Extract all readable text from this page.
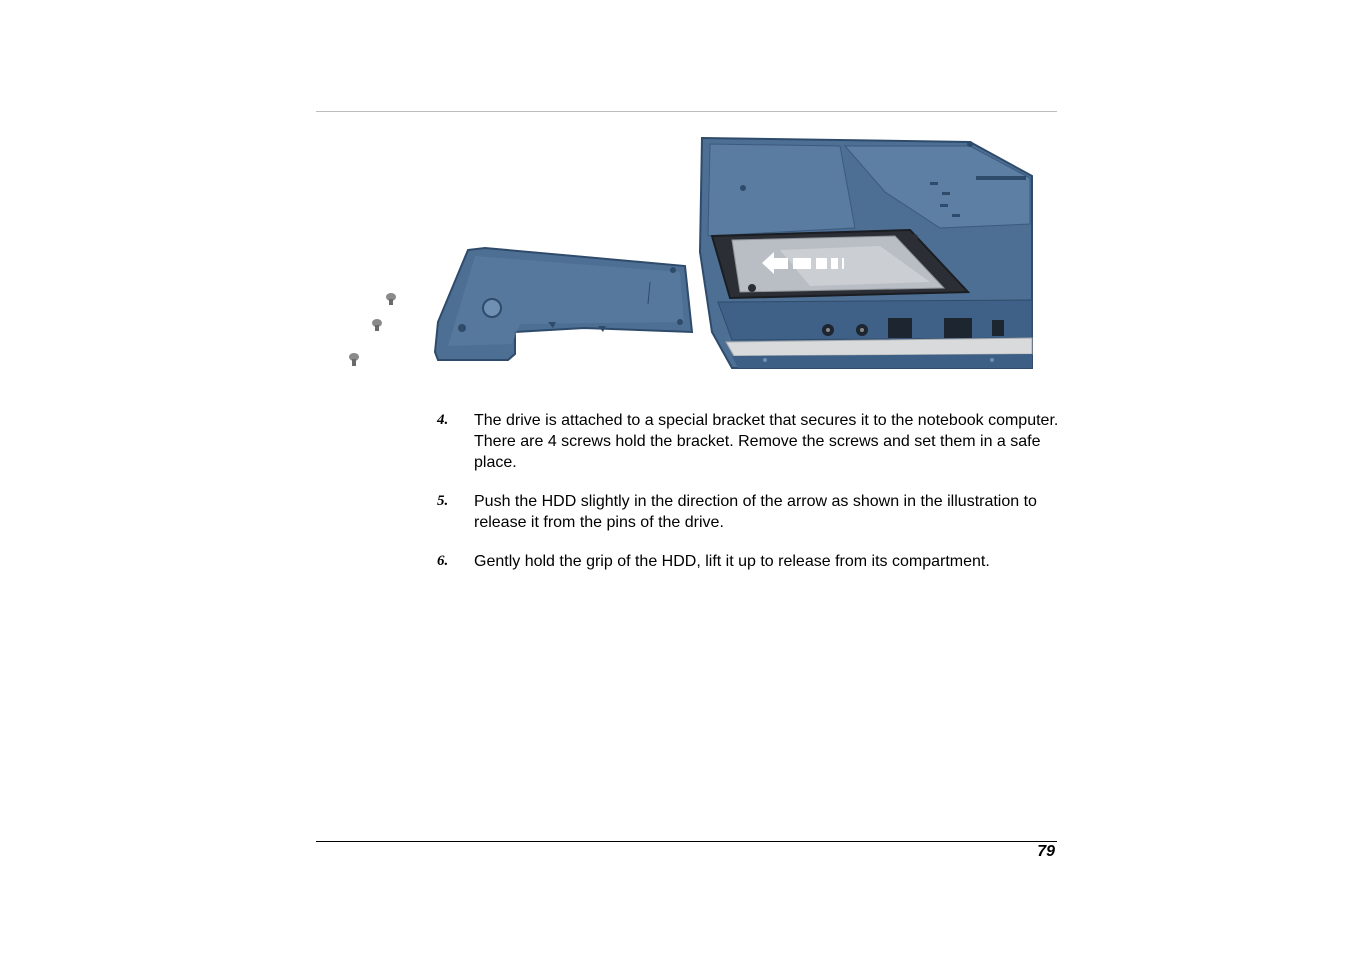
4. The drive is attached to a special bracket that secures it to the notebook computer. There are 4 screws hold the bracket. Remove the screws and set them in a safe place.
5. Push the HDD slightly in the direction of the arrow as shown in the illustration to release it from the pins of the drive.
6. Gently hold the grip of the HDD, lift it up to release from its compartment.
79
